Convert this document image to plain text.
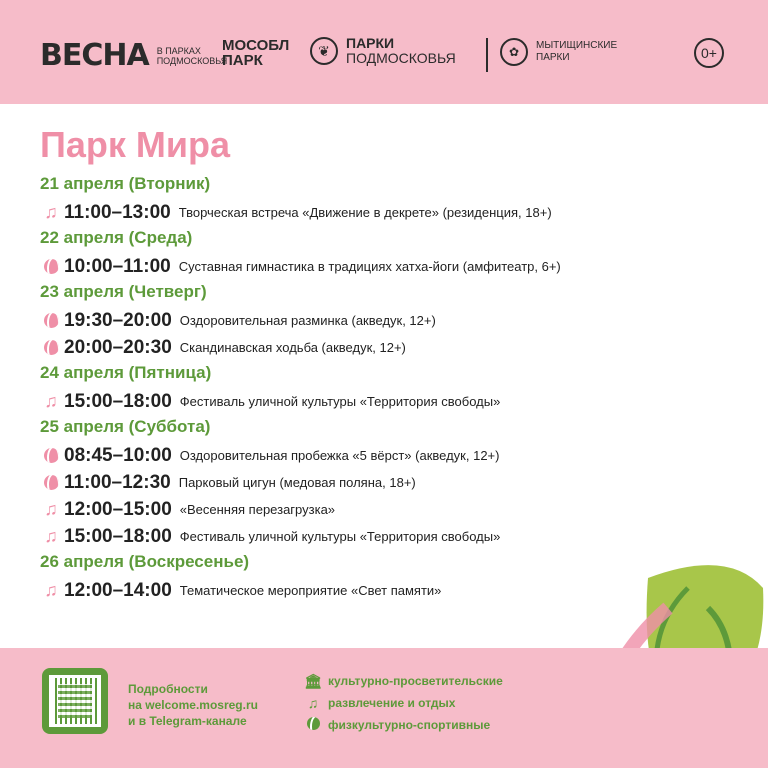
ВЕСНА В ПАРКАХ ПОДМОСКОВЬЯ
МОСОБЛ
ПАРК
❦	ПАРКИ
ПОДМОСКОВЬЯ	✿	МЫТИЩИНСКИЕ ПАРКИ	0+
Парк Мира
21 апреля (Вторник)
♫ 11:00–13:00 Творческая встреча «Движение в декрете» (резиденция, 18+)
22 апреля (Среда)
10:00–11:00 Суставная гимнастика в традициях хатха-йоги (амфитеатр, 6+)
23 апреля (Четверг)
19:30–20:00 Оздоровительная разминка (акведук, 12+)
20:00–20:30 Скандинавская ходьба (акведук, 12+)
24 апреля (Пятница)
♫ 15:00–18:00 Фестиваль уличной культуры «Территория свободы»
25 апреля (Суббота)
08:45–10:00 Оздоровительная пробежка «5 вёрст» (акведук, 12+)
11:00–12:30 Парковый цигун (медовая поляна, 18+)
♫ 12:00–15:00 «Весенняя перезагрузка»
♫ 15:00–18:00 Фестиваль уличной культуры «Территория свободы»
26 апреля (Воскресенье)
♫ 12:00–14:00 Тематическое мероприятие «Свет памяти»
Подробности
на welcome.mosreg.ru
и в Telegram-канале
🏛 культурно-просветительские
♫ развлечение и отдых
физкультурно-спортивные
